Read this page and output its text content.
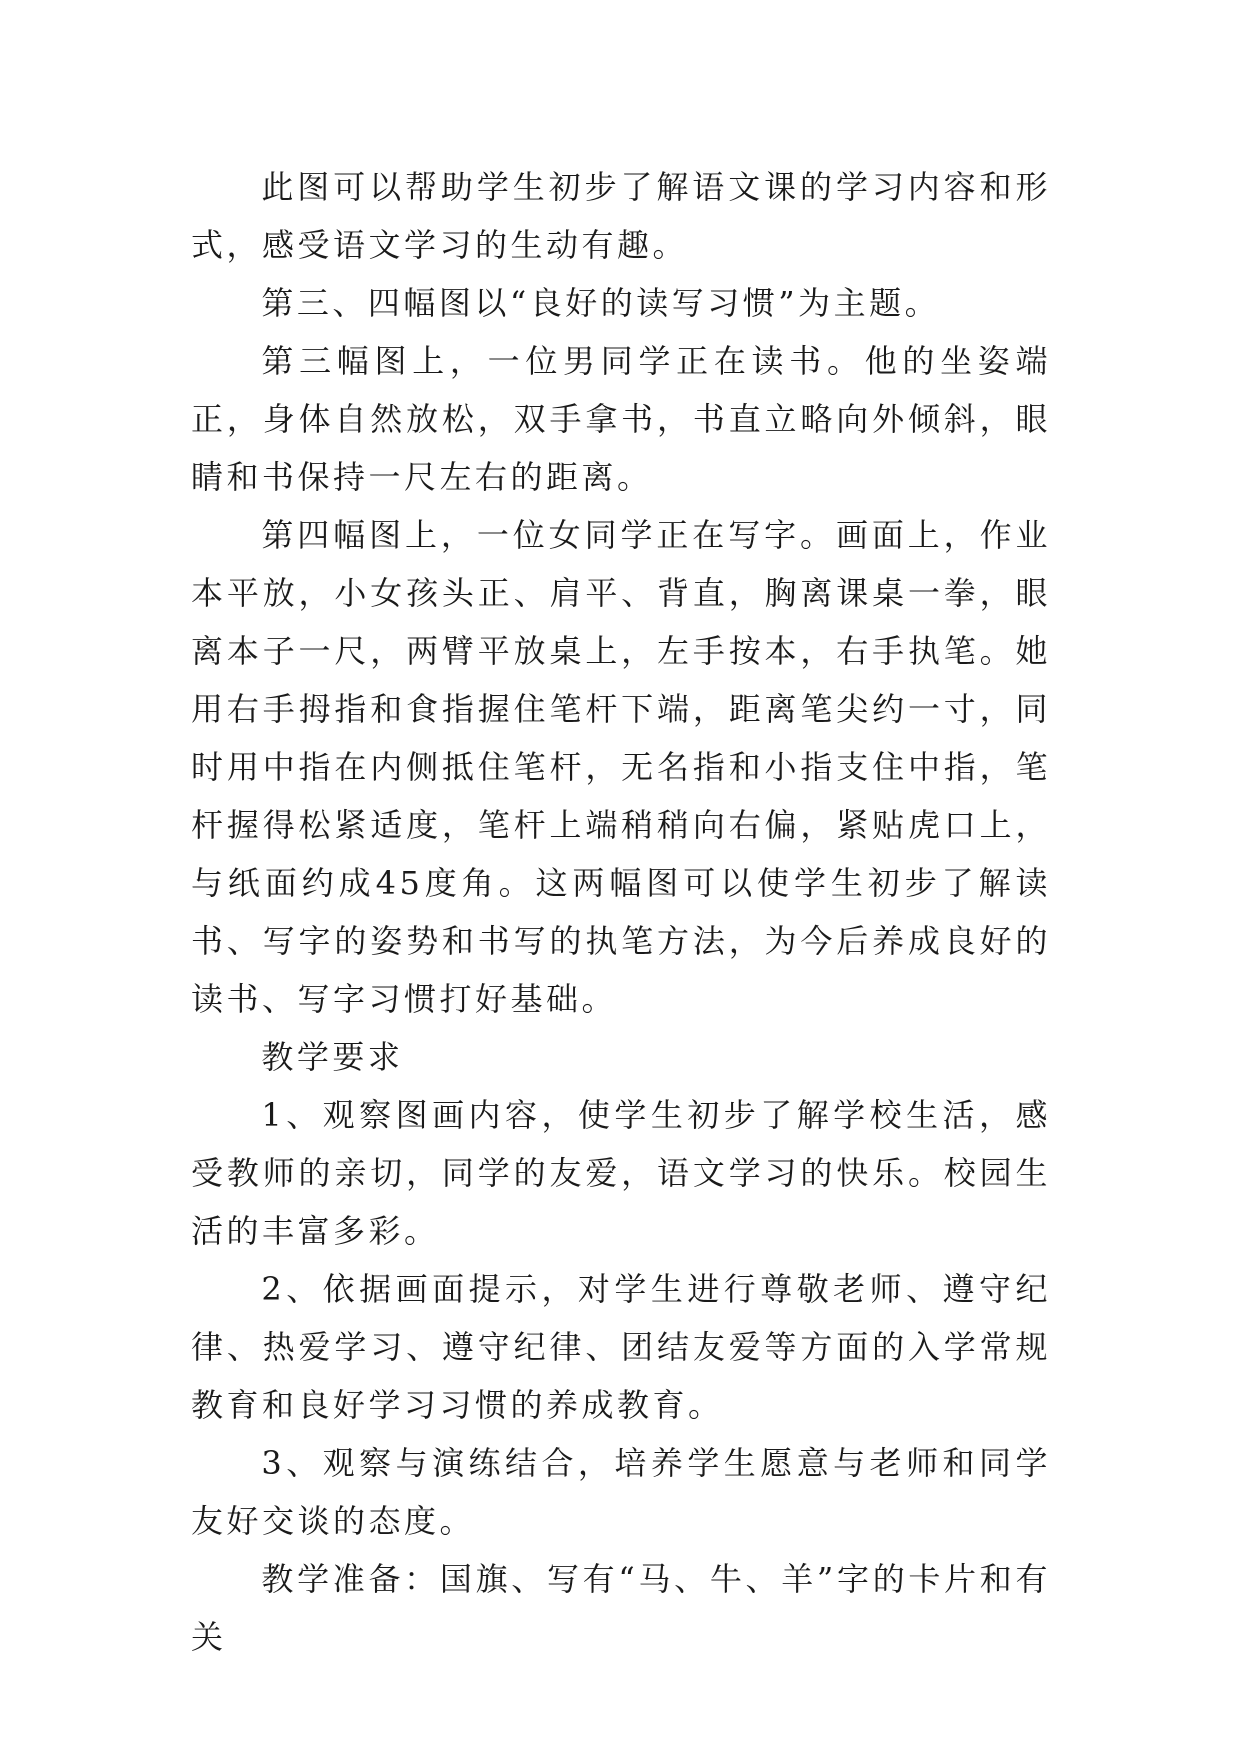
此图可以帮助学生初步了解语文课的学习内容和形式，感受语文学习的生动有趣。

第三、四幅图以“良好的读写习惯”为主题。

第三幅图上，一位男同学正在读书。他的坐姿端正，身体自然放松，双手拿书，书直立略向外倾斜，眼睛和书保持一尺左右的距离。

第四幅图上，一位女同学正在写字。画面上，作业本平放，小女孩头正、肩平、背直，胸离课桌一拳，眼离本子一尺，两臂平放桌上，左手按本，右手执笔。她用右手拇指和食指握住笔杆下端，距离笔尖约一寸，同时用中指在内侧抵住笔杆，无名指和小指支住中指，笔杆握得松紧适度，笔杆上端稍稍向右偏，紧贴虎口上，与纸面约成45度角。这两幅图可以使学生初步了解读书、写字的姿势和书写的执笔方法，为今后养成良好的读书、写字习惯打好基础。

教学要求

1、观察图画内容，使学生初步了解学校生活，感受教师的亲切，同学的友爱，语文学习的快乐。校园生活的丰富多彩。

2、依据画面提示，对学生进行尊敬老师、遵守纪律、热爱学习、遵守纪律、团结友爱等方面的入学常规教育和良好学习习惯的养成教育。

3、观察与演练结合，培养学生愿意与老师和同学友好交谈的态度。

教学准备：国旗、写有“马、牛、羊”字的卡片和有关
